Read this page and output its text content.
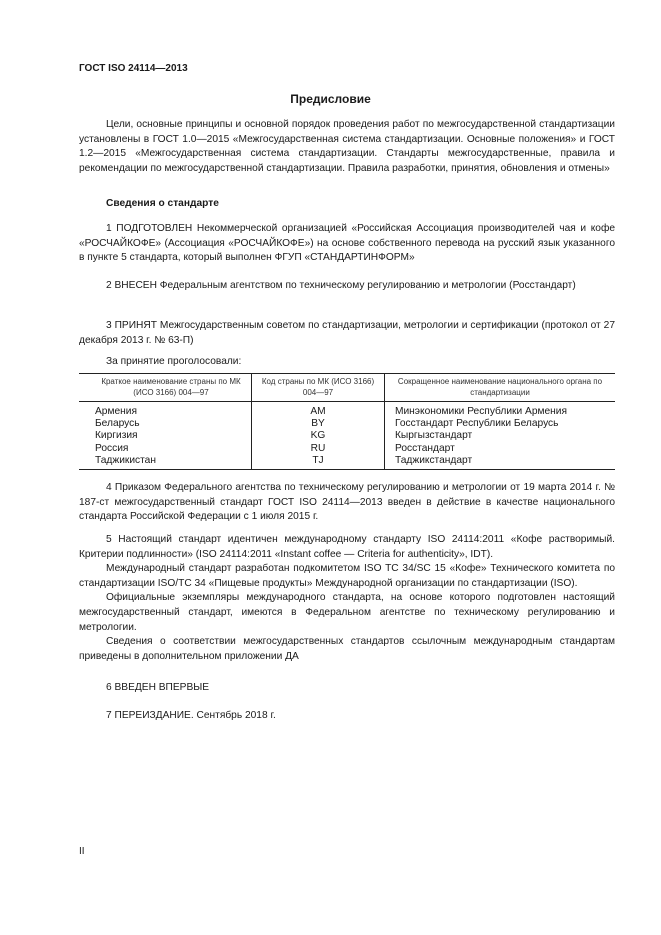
ГОСТ ISO 24114—2013
Предисловие

Цели, основные принципы и основной порядок проведения работ по межгосударственной стандартизации установлены в ГОСТ 1.0—2015 «Межгосударственная система стандартизации. Основные положения» и ГОСТ 1.2—2015 «Межгосударственная система стандартизации. Стандарты межгосударственные, правила и рекомендации по межгосударственной стандартизации. Правила разработки, принятия, обновления и отмены»

Сведения о стандарте

1 ПОДГОТОВЛЕН Некоммерческой организацией «Российская Ассоциация производителей чая и кофе «РОСЧАЙКОФЕ» (Ассоциация «РОСЧАЙКОФЕ») на основе собственного перевода на русский язык указанного в пункте 5 стандарта, который выполнен ФГУП «СТАНДАРТИНФОРМ»

2 ВНЕСЕН Федеральным агентством по техническому регулированию и метрологии (Росстандарт)

3 ПРИНЯТ Межгосударственным советом по стандартизации, метрологии и сертификации (протокол от 27 декабря 2013 г. № 63-П)

За принятие проголосовали:

Краткое наименование страны по МК (ИСО 3166) 004—97	Код страны по МК (ИСО 3166) 004—97	Сокращенное наименование национального органа по стандартизации
Армения	AM	Минэкономики Республики Армения
Беларусь	BY	Госстандарт Республики Беларусь
Киргизия	KG	Кыргызстандарт
Россия	RU	Росстандарт
Таджикистан	TJ	Таджикстандарт

4 Приказом Федерального агентства по техническому регулированию и метрологии от 19 марта 2014 г. № 187-ст межгосударственный стандарт ГОСТ ISO 24114—2013 введен в действие в качестве национального стандарта Российской Федерации с 1 июля 2015 г.

5 Настоящий стандарт идентичен международному стандарту ISO 24114:2011 «Кофе растворимый. Критерии подлинности» (ISO 24114:2011 «Instant coffee — Criteria for authenticity», IDT).

Международный стандарт разработан подкомитетом ISO TC 34/SC 15 «Кофе» Технического комитета по стандартизации ISO/TC 34 «Пищевые продукты» Международной организации по стандартизации (ISO).

Официальные экземпляры международного стандарта, на основе которого подготовлен настоящий межгосударственный стандарт, имеются в Федеральном агентстве по техническому регулированию и метрологии.

Сведения о соответствии межгосударственных стандартов ссылочным международным стандартам приведены в дополнительном приложении ДА

6 ВВЕДЕН ВПЕРВЫЕ

7 ПЕРЕИЗДАНИЕ. Сентябрь 2018 г.

II
